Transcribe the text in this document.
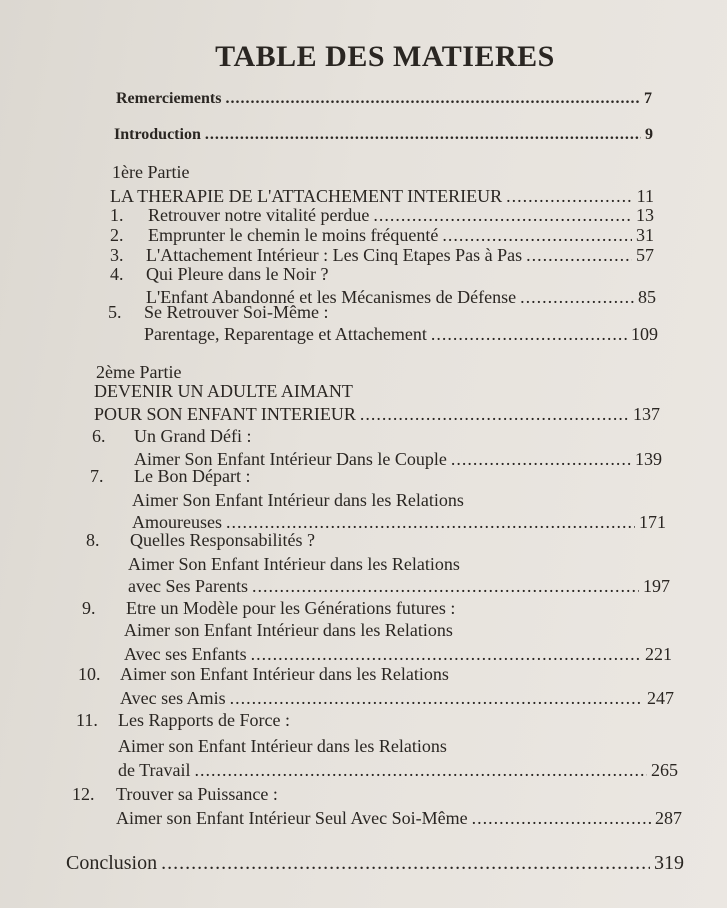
TABLE DES MATIERES
Remerciements .....	7
Introduction .....	9
1ère Partie
LA THERAPIE DE L'ATTACHEMENT INTERIEUR .....	11
1. Retrouver notre vitalité perdue .....	13
2. Emprunter le chemin le moins fréquenté .....	31
3. L'Attachement Intérieur : Les Cinq Etapes Pas à Pas .....	57
4. Qui Pleure dans le Noir ?
L'Enfant Abandonné et les Mécanismes de Défense .....	85
5. Se Retrouver Soi-Même :
Parentage, Reparentage et Attachement .....	109
2ème Partie
DEVENIR UN ADULTE AIMANT
POUR SON ENFANT INTERIEUR .....	137
6. Un Grand Défi :
Aimer Son Enfant Intérieur Dans le Couple .....	139
7. Le Bon Départ :
Aimer Son Enfant Intérieur dans les Relations
Amoureuses .....	171
8. Quelles Responsabilités ?
Aimer Son Enfant Intérieur dans les Relations
avec Ses Parents .....	197
9. Etre un Modèle pour les Générations futures :
Aimer son Enfant Intérieur dans les Relations
Avec ses Enfants .....	221
10. Aimer son Enfant Intérieur dans les Relations
Avec ses Amis .....	247
11. Les Rapports de Force :
Aimer son Enfant Intérieur dans les Relations
de Travail .....	265
12. Trouver sa Puissance :
Aimer son Enfant Intérieur Seul Avec Soi-Même .....	287
Conclusion .....	319
